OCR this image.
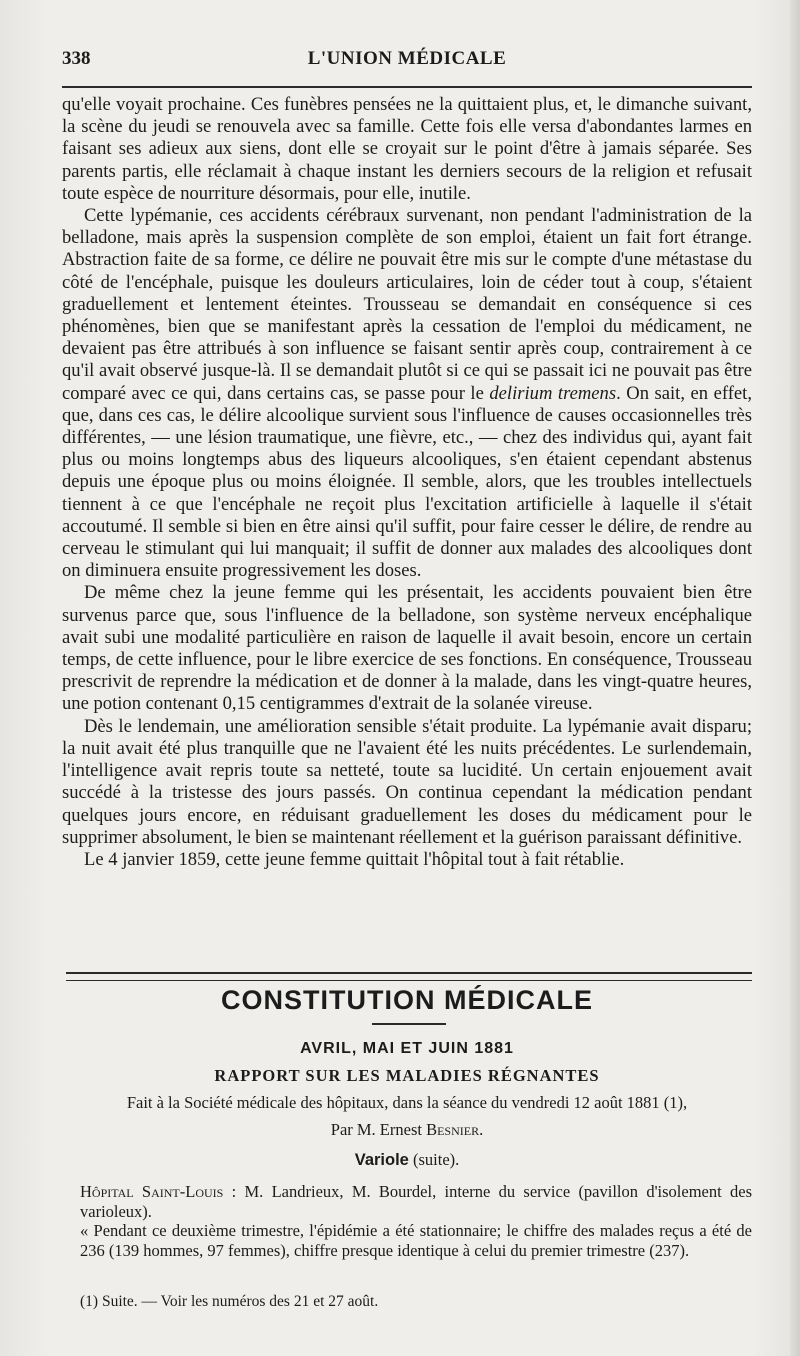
338	L'UNION MÉDICALE

qu'elle voyait prochaine. Ces funèbres pensées ne la quittaient plus, et, le dimanche suivant, la scène du jeudi se renouvela avec sa famille. Cette fois elle versa d'abondantes larmes en faisant ses adieux aux siens, dont elle se croyait sur le point d'être à jamais séparée. Ses parents partis, elle réclamait à chaque instant les derniers secours de la religion et refusait toute espèce de nourriture désormais, pour elle, inutile.

Cette lypémanie, ces accidents cérébraux survenant, non pendant l'administration de la belladone, mais après la suspension complète de son emploi, étaient un fait fort étrange. Abstraction faite de sa forme, ce délire ne pouvait être mis sur le compte d'une métastase du côté de l'encéphale, puisque les douleurs articulaires, loin de céder tout à coup, s'étaient graduellement et lentement éteintes. Trousseau se demandait en conséquence si ces phénomènes, bien que se manifestant après la cessation de l'emploi du médicament, ne devaient pas être attribués à son influence se faisant sentir après coup, contrairement à ce qu'il avait observé jusque-là. Il se demandait plutôt si ce qui se passait ici ne pouvait pas être comparé avec ce qui, dans certains cas, se passe pour le delirium tremens. On sait, en effet, que, dans ces cas, le délire alcoolique survient sous l'influence de causes occasionnelles très différentes, — une lésion traumatique, une fièvre, etc., — chez des individus qui, ayant fait plus ou moins longtemps abus des liqueurs alcooliques, s'en étaient cependant abstenus depuis une époque plus ou moins éloignée. Il semble, alors, que les troubles intellectuels tiennent à ce que l'encéphale ne reçoit plus l'excitation artificielle à laquelle il s'était accoutumé. Il semble si bien en être ainsi qu'il suffit, pour faire cesser le délire, de rendre au cerveau le stimulant qui lui manquait; il suffit de donner aux malades des alcooliques dont on diminuera ensuite progressivement les doses.

De même chez la jeune femme qui les présentait, les accidents pouvaient bien être survenus parce que, sous l'influence de la belladone, son système nerveux encéphalique avait subi une modalité particulière en raison de laquelle il avait besoin, encore un certain temps, de cette influence, pour le libre exercice de ses fonctions. En conséquence, Trousseau prescrivit de reprendre la médication et de donner à la malade, dans les vingt-quatre heures, une potion contenant 0,15 centigrammes d'extrait de la solanée vireuse.

Dès le lendemain, une amélioration sensible s'était produite. La lypémanie avait disparu; la nuit avait été plus tranquille que ne l'avaient été les nuits précédentes. Le surlendemain, l'intelligence avait repris toute sa netteté, toute sa lucidité. Un certain enjouement avait succédé à la tristesse des jours passés. On continua cependant la médication pendant quelques jours encore, en réduisant graduellement les doses du médicament pour le supprimer absolument, le bien se maintenant réellement et la guérison paraissant définitive.

Le 4 janvier 1859, cette jeune femme quittait l'hôpital tout à fait rétablie.

CONSTITUTION MÉDICALE
AVRIL, MAI ET JUIN 1881
RAPPORT SUR LES MALADIES RÉGNANTES
Fait à la Société médicale des hôpitaux, dans la séance du vendredi 12 août 1881 (1),
Par M. Ernest Besnier.
Variole (suite).

Hôpital Saint-Louis : M. Landrieux, M. Bourdel, interne du service (pavillon d'isolement des varioleux).

« Pendant ce deuxième trimestre, l'épidémie a été stationnaire; le chiffre des malades reçus a été de 236 (139 hommes, 97 femmes), chiffre presque identique à celui du premier trimestre (237).

(1) Suite. — Voir les numéros des 21 et 27 août.
